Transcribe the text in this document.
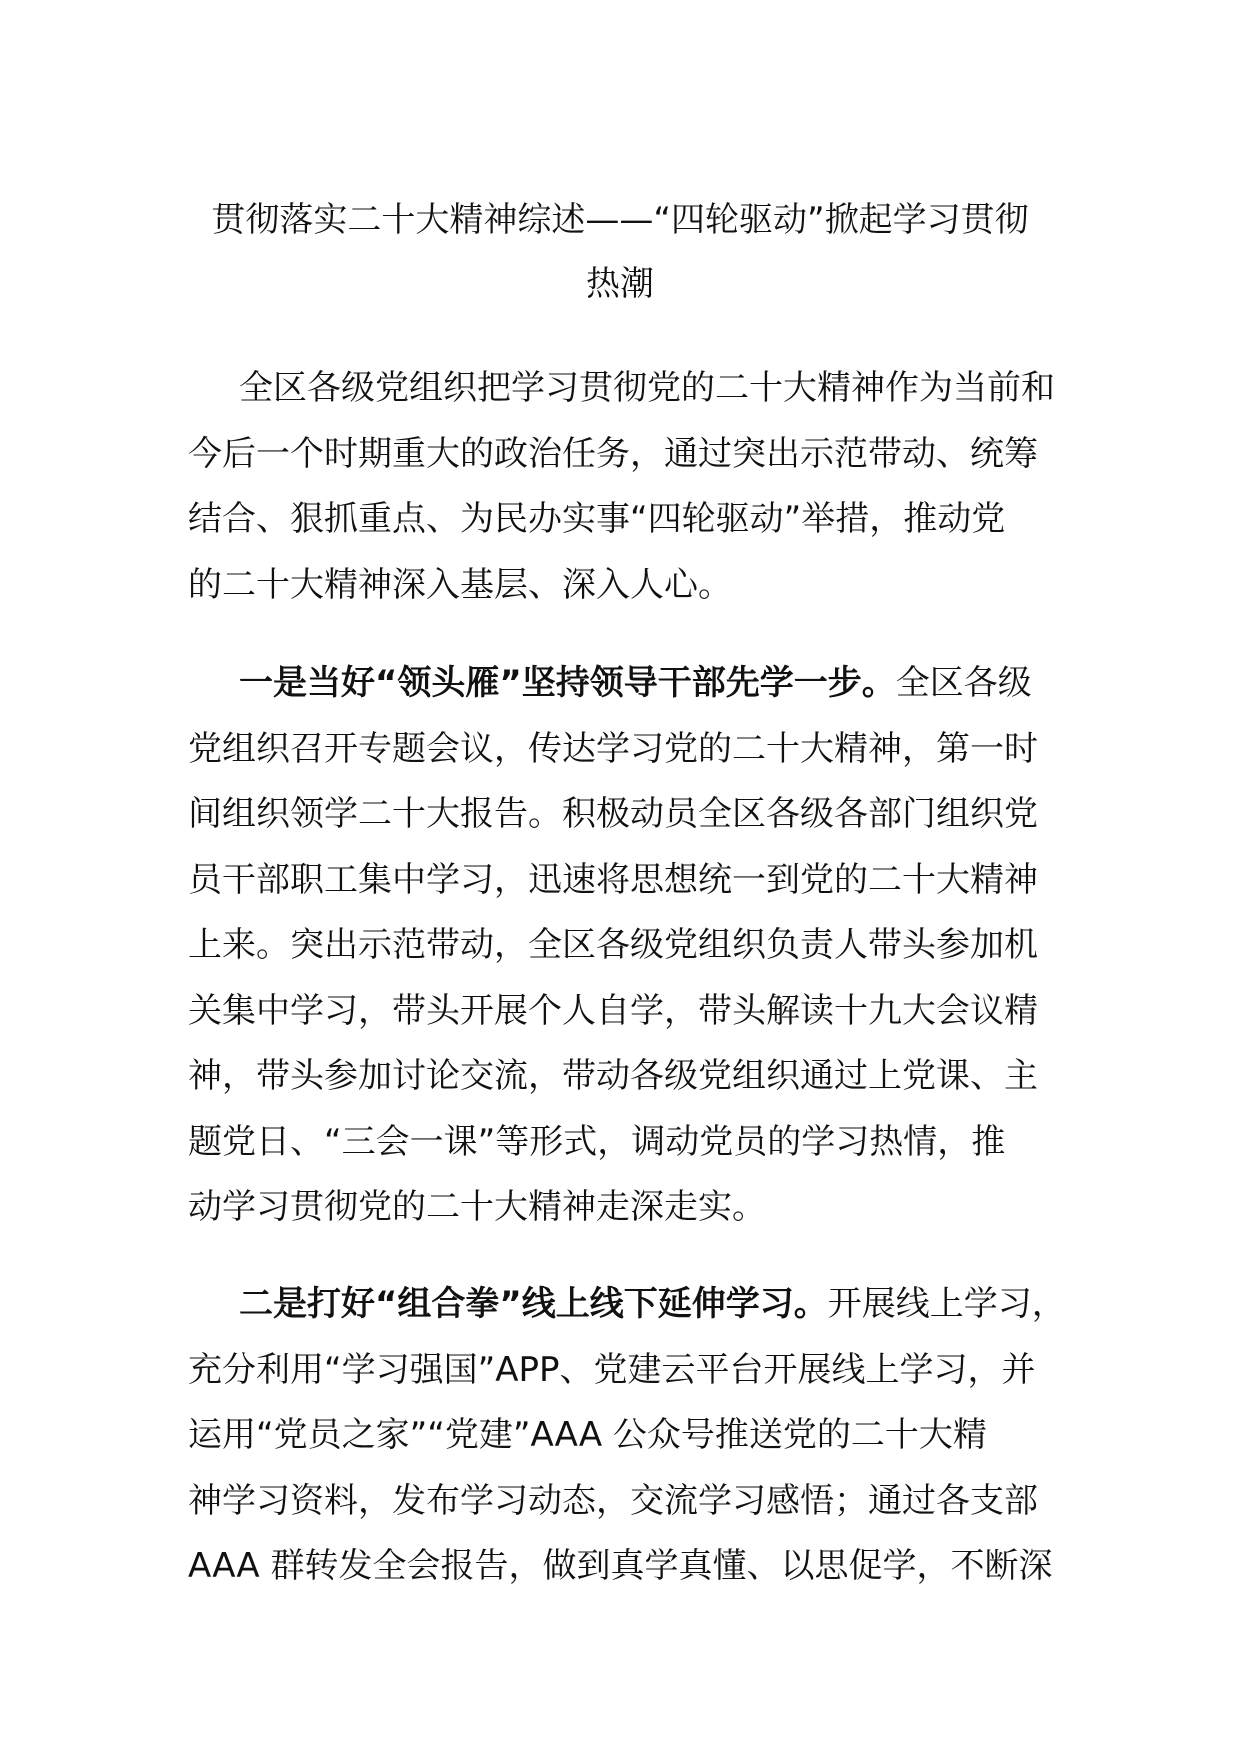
贯彻落实二十大精神综述——“四轮驱动”掀起学习贯彻
热潮
全区各级党组织把学习贯彻党的二十大精神作为当前和
今后一个时期重大的政治任务，通过突出示范带动、统筹
结合、狠抓重点、为民办实事“四轮驱动”举措，推动党
的二十大精神深入基层、深入人心。
一是当好“领头雁”坚持领导干部先学一步。全区各级
党组织召开专题会议，传达学习党的二十大精神，第一时
间组织领学二十大报告。积极动员全区各级各部门组织党
员干部职工集中学习，迅速将思想统一到党的二十大精神
上来。突出示范带动，全区各级党组织负责人带头参加机
关集中学习，带头开展个人自学，带头解读十九大会议精
神，带头参加讨论交流，带动各级党组织通过上党课、主
题党日、“三会一课”等形式，调动党员的学习热情，推
动学习贯彻党的二十大精神走深走实。
二是打好“组合拳”线上线下延伸学习。开展线上学习，
充分利用“学习强国”APP、党建云平台开展线上学习，并
运用“党员之家”“党建”AAA 公众号推送党的二十大精
神学习资料，发布学习动态，交流学习感悟；通过各支部
AAA 群转发全会报告，做到真学真懂、以思促学，不断深
